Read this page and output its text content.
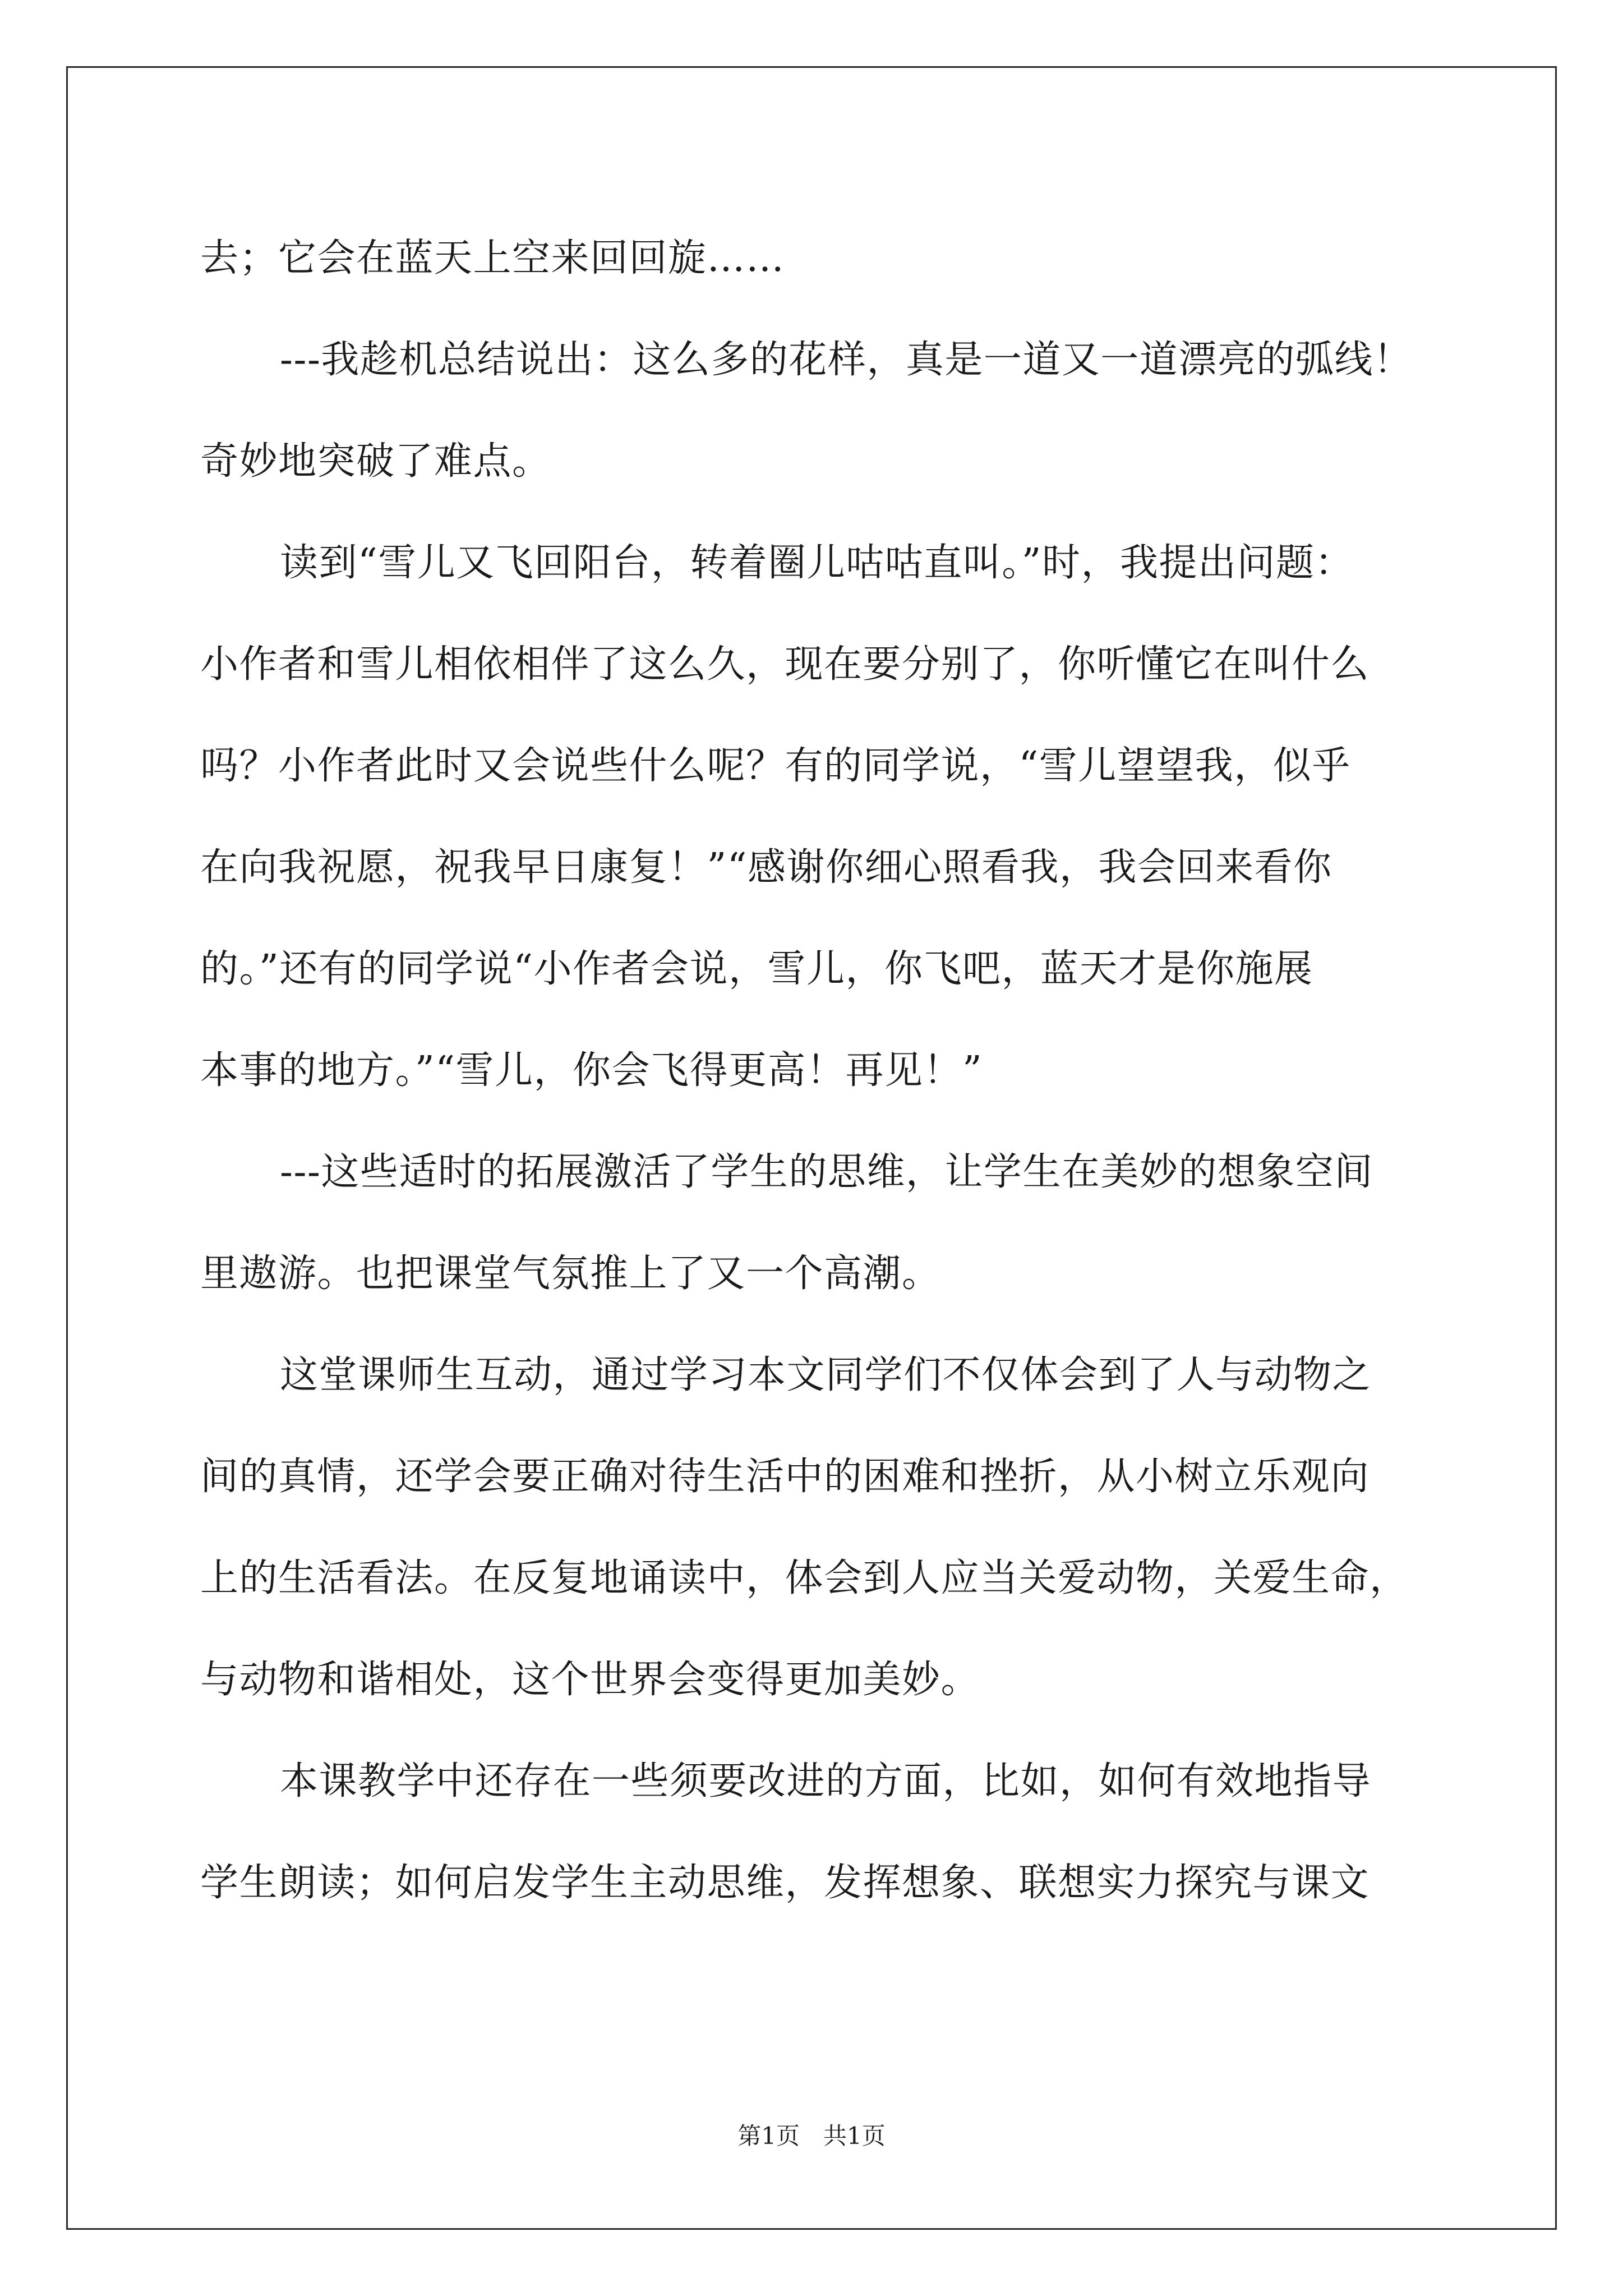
去；它会在蓝天上空来回回旋……
---我趁机总结说出：这么多的花样，真是一道又一道漂亮的弧线！
奇妙地突破了难点。
读到“雪儿又飞回阳台，转着圈儿咕咕直叫。”时，我提出问题：
小作者和雪儿相依相伴了这么久，现在要分别了，你听懂它在叫什么
吗？小作者此时又会说些什么呢？有的同学说，“雪儿望望我，似乎
在向我祝愿，祝我早日康复！”“感谢你细心照看我，我会回来看你
的。”还有的同学说“小作者会说，雪儿，你飞吧，蓝天才是你施展
本事的地方。”“雪儿，你会飞得更高！再见！”
---这些适时的拓展激活了学生的思维，让学生在美妙的想象空间
里遨游。也把课堂气氛推上了又一个高潮。
这堂课师生互动，通过学习本文同学们不仅体会到了人与动物之
间的真情，还学会要正确对待生活中的困难和挫折，从小树立乐观向
上的生活看法。在反复地诵读中，体会到人应当关爱动物，关爱生命，
与动物和谐相处，这个世界会变得更加美妙。
本课教学中还存在一些须要改进的方面，比如，如何有效地指导
学生朗读；如何启发学生主动思维，发挥想象、联想实力探究与课文
第1页　共1页
